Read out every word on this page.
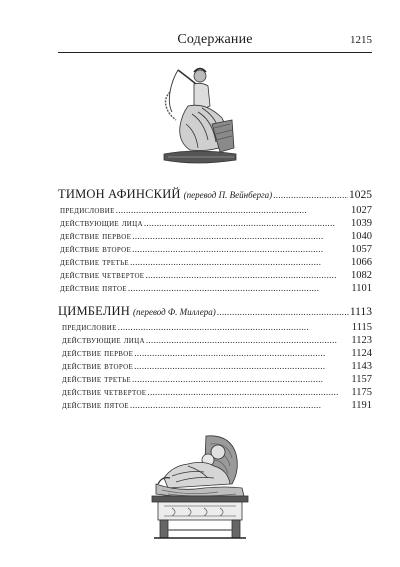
Содержание	1215
ТИМОН АФИНСКИЙ (перевод П. Вейнберга) . . .	1025
предисловие . . .	1027
действующие лица . . .	1039
действие первое . . .	1040
действие второе . . .	1057
действие третье . . .	1066
действие четвертое . . .	1082
действие пятое . . .	1101
ЦИМБЕЛИН (перевод Ф. Миллера) . . .	1113
предисловие . . .	1115
действующие лица . . .	1123
действие первое . . .	1124
действие второе . . .	1143
действие третье . . .	1157
действие четвертое . . .	1175
действие пятое . . .	1191
